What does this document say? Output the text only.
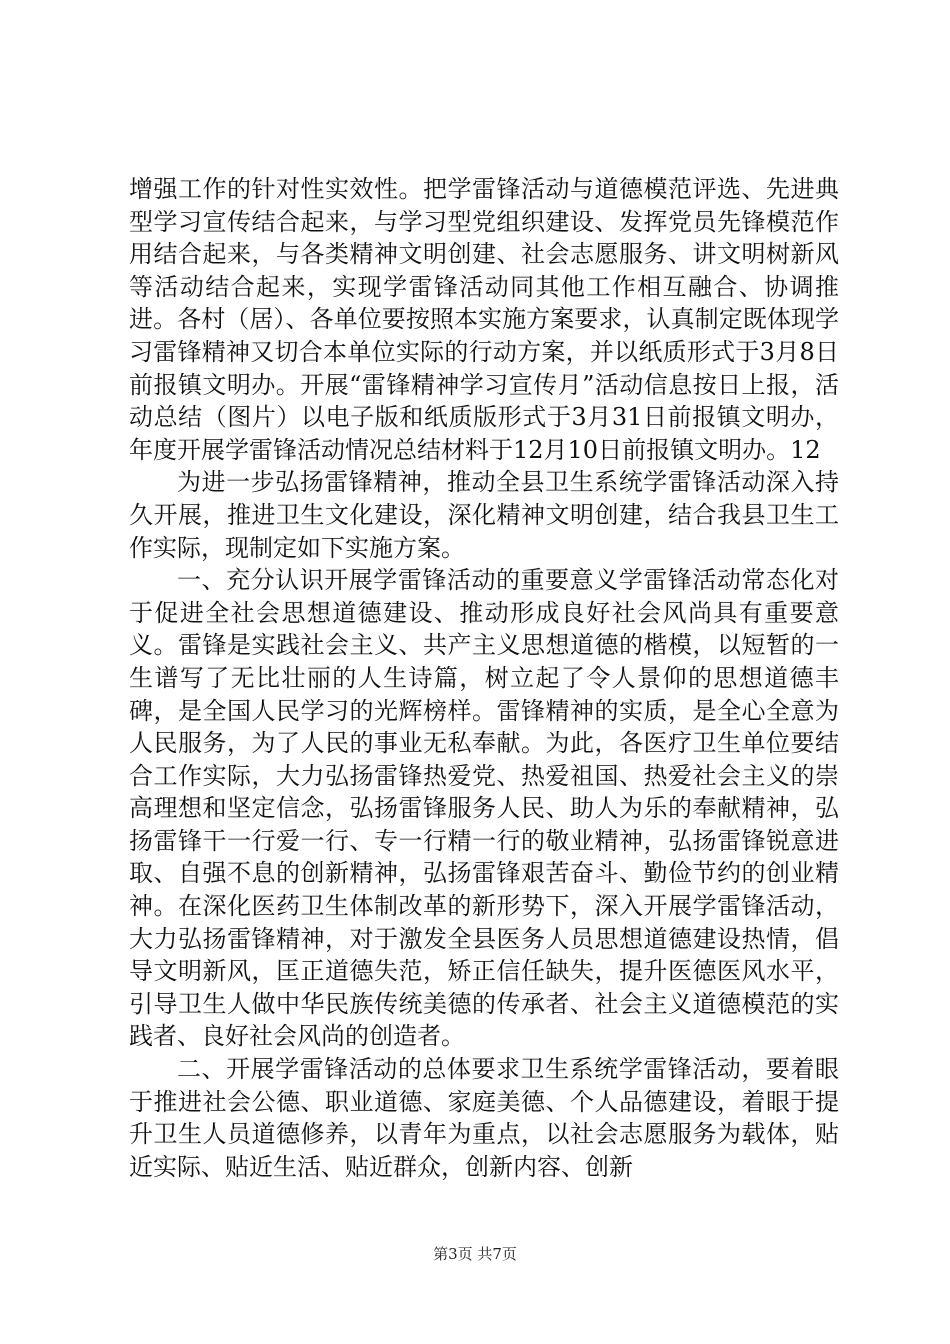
增强工作的针对性实效性。把学雷锋活动与道德模范评选、先进典型学习宣传结合起来，与学习型党组织建设、发挥党员先锋模范作用结合起来，与各类精神文明创建、社会志愿服务、讲文明树新风等活动结合起来，实现学雷锋活动同其他工作相互融合、协调推进。各村（居）、各单位要按照本实施方案要求，认真制定既体现学习雷锋精神又切合本单位实际的行动方案，并以纸质形式于3月8日前报镇文明办。开展“雷锋精神学习宣传月”活动信息按日上报，活动总结（图片）以电子版和纸质版形式于3月31日前报镇文明办，年度开展学雷锋活动情况总结材料于12月10日前报镇文明办。12

为进一步弘扬雷锋精神，推动全县卫生系统学雷锋活动深入持久开展，推进卫生文化建设，深化精神文明创建，结合我县卫生工作实际，现制定如下实施方案。

一、充分认识开展学雷锋活动的重要意义学雷锋活动常态化对于促进全社会思想道德建设、推动形成良好社会风尚具有重要意义。雷锋是实践社会主义、共产主义思想道德的楷模，以短暂的一生谱写了无比壮丽的人生诗篇，树立起了令人景仰的思想道德丰碑，是全国人民学习的光辉榜样。雷锋精神的实质，是全心全意为人民服务，为了人民的事业无私奉献。为此，各医疗卫生单位要结合工作实际，大力弘扬雷锋热爱党、热爱祖国、热爱社会主义的崇高理想和坚定信念，弘扬雷锋服务人民、助人为乐的奉献精神，弘扬雷锋干一行爱一行、专一行精一行的敬业精神，弘扬雷锋锐意进取、自强不息的创新精神，弘扬雷锋艰苦奋斗、勤俭节约的创业精神。在深化医药卫生体制改革的新形势下，深入开展学雷锋活动，大力弘扬雷锋精神，对于激发全县医务人员思想道德建设热情，倡导文明新风，匡正道德失范，矫正信任缺失，提升医德医风水平，引导卫生人做中华民族传统美德的传承者、社会主义道德模范的实践者、良好社会风尚的创造者。

二、开展学雷锋活动的总体要求卫生系统学雷锋活动，要着眼于推进社会公德、职业道德、家庭美德、个人品德建设，着眼于提升卫生人员道德修养，以青年为重点，以社会志愿服务为载体，贴近实际、贴近生活、贴近群众，创新内容、创新

第3页 共7页
